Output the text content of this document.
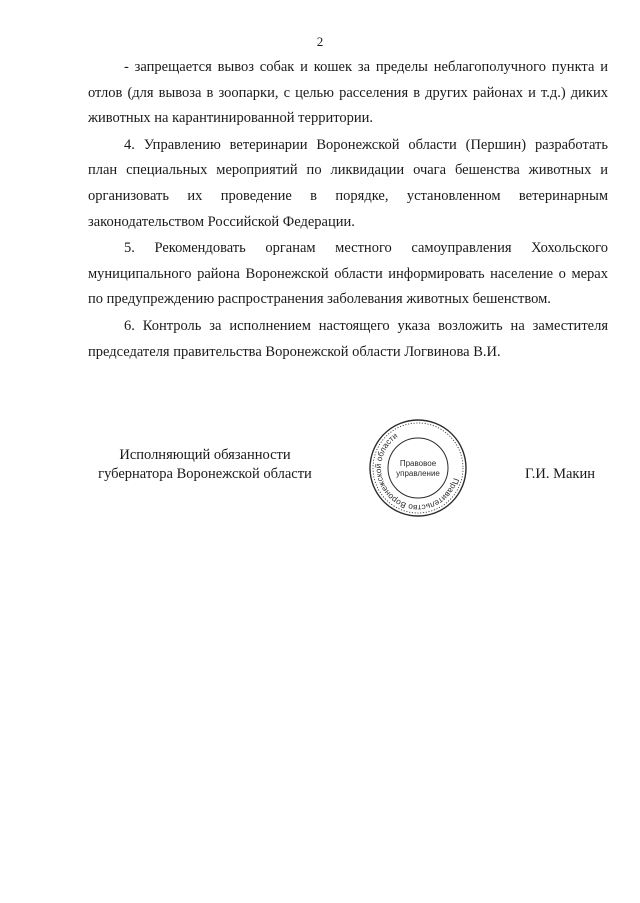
2

- запрещается вывоз собак и кошек за пределы неблагополучного пункта и отлов (для вывоза в зоопарки, с целью расселения в других районах и т.д.) диких животных на карантинированной территории.

4. Управлению ветеринарии Воронежской области (Першин) разработать план специальных мероприятий по ликвидации очага бешенства животных и организовать их проведение в порядке, установленном ветеринарным законодательством Российской Федерации.

5. Рекомендовать органам местного самоуправления Хохольского муниципального района Воронежской области информировать население о мерах по предупреждению распространения заболевания животных бешенством.

6. Контроль за исполнением настоящего указа возложить на заместителя председателя правительства Воронежской области Логвинова В.И.

Исполняющий обязанности
губернатора Воронежской области	Правительство Воронежской области
Правовое
управление	Г.И. Макин
